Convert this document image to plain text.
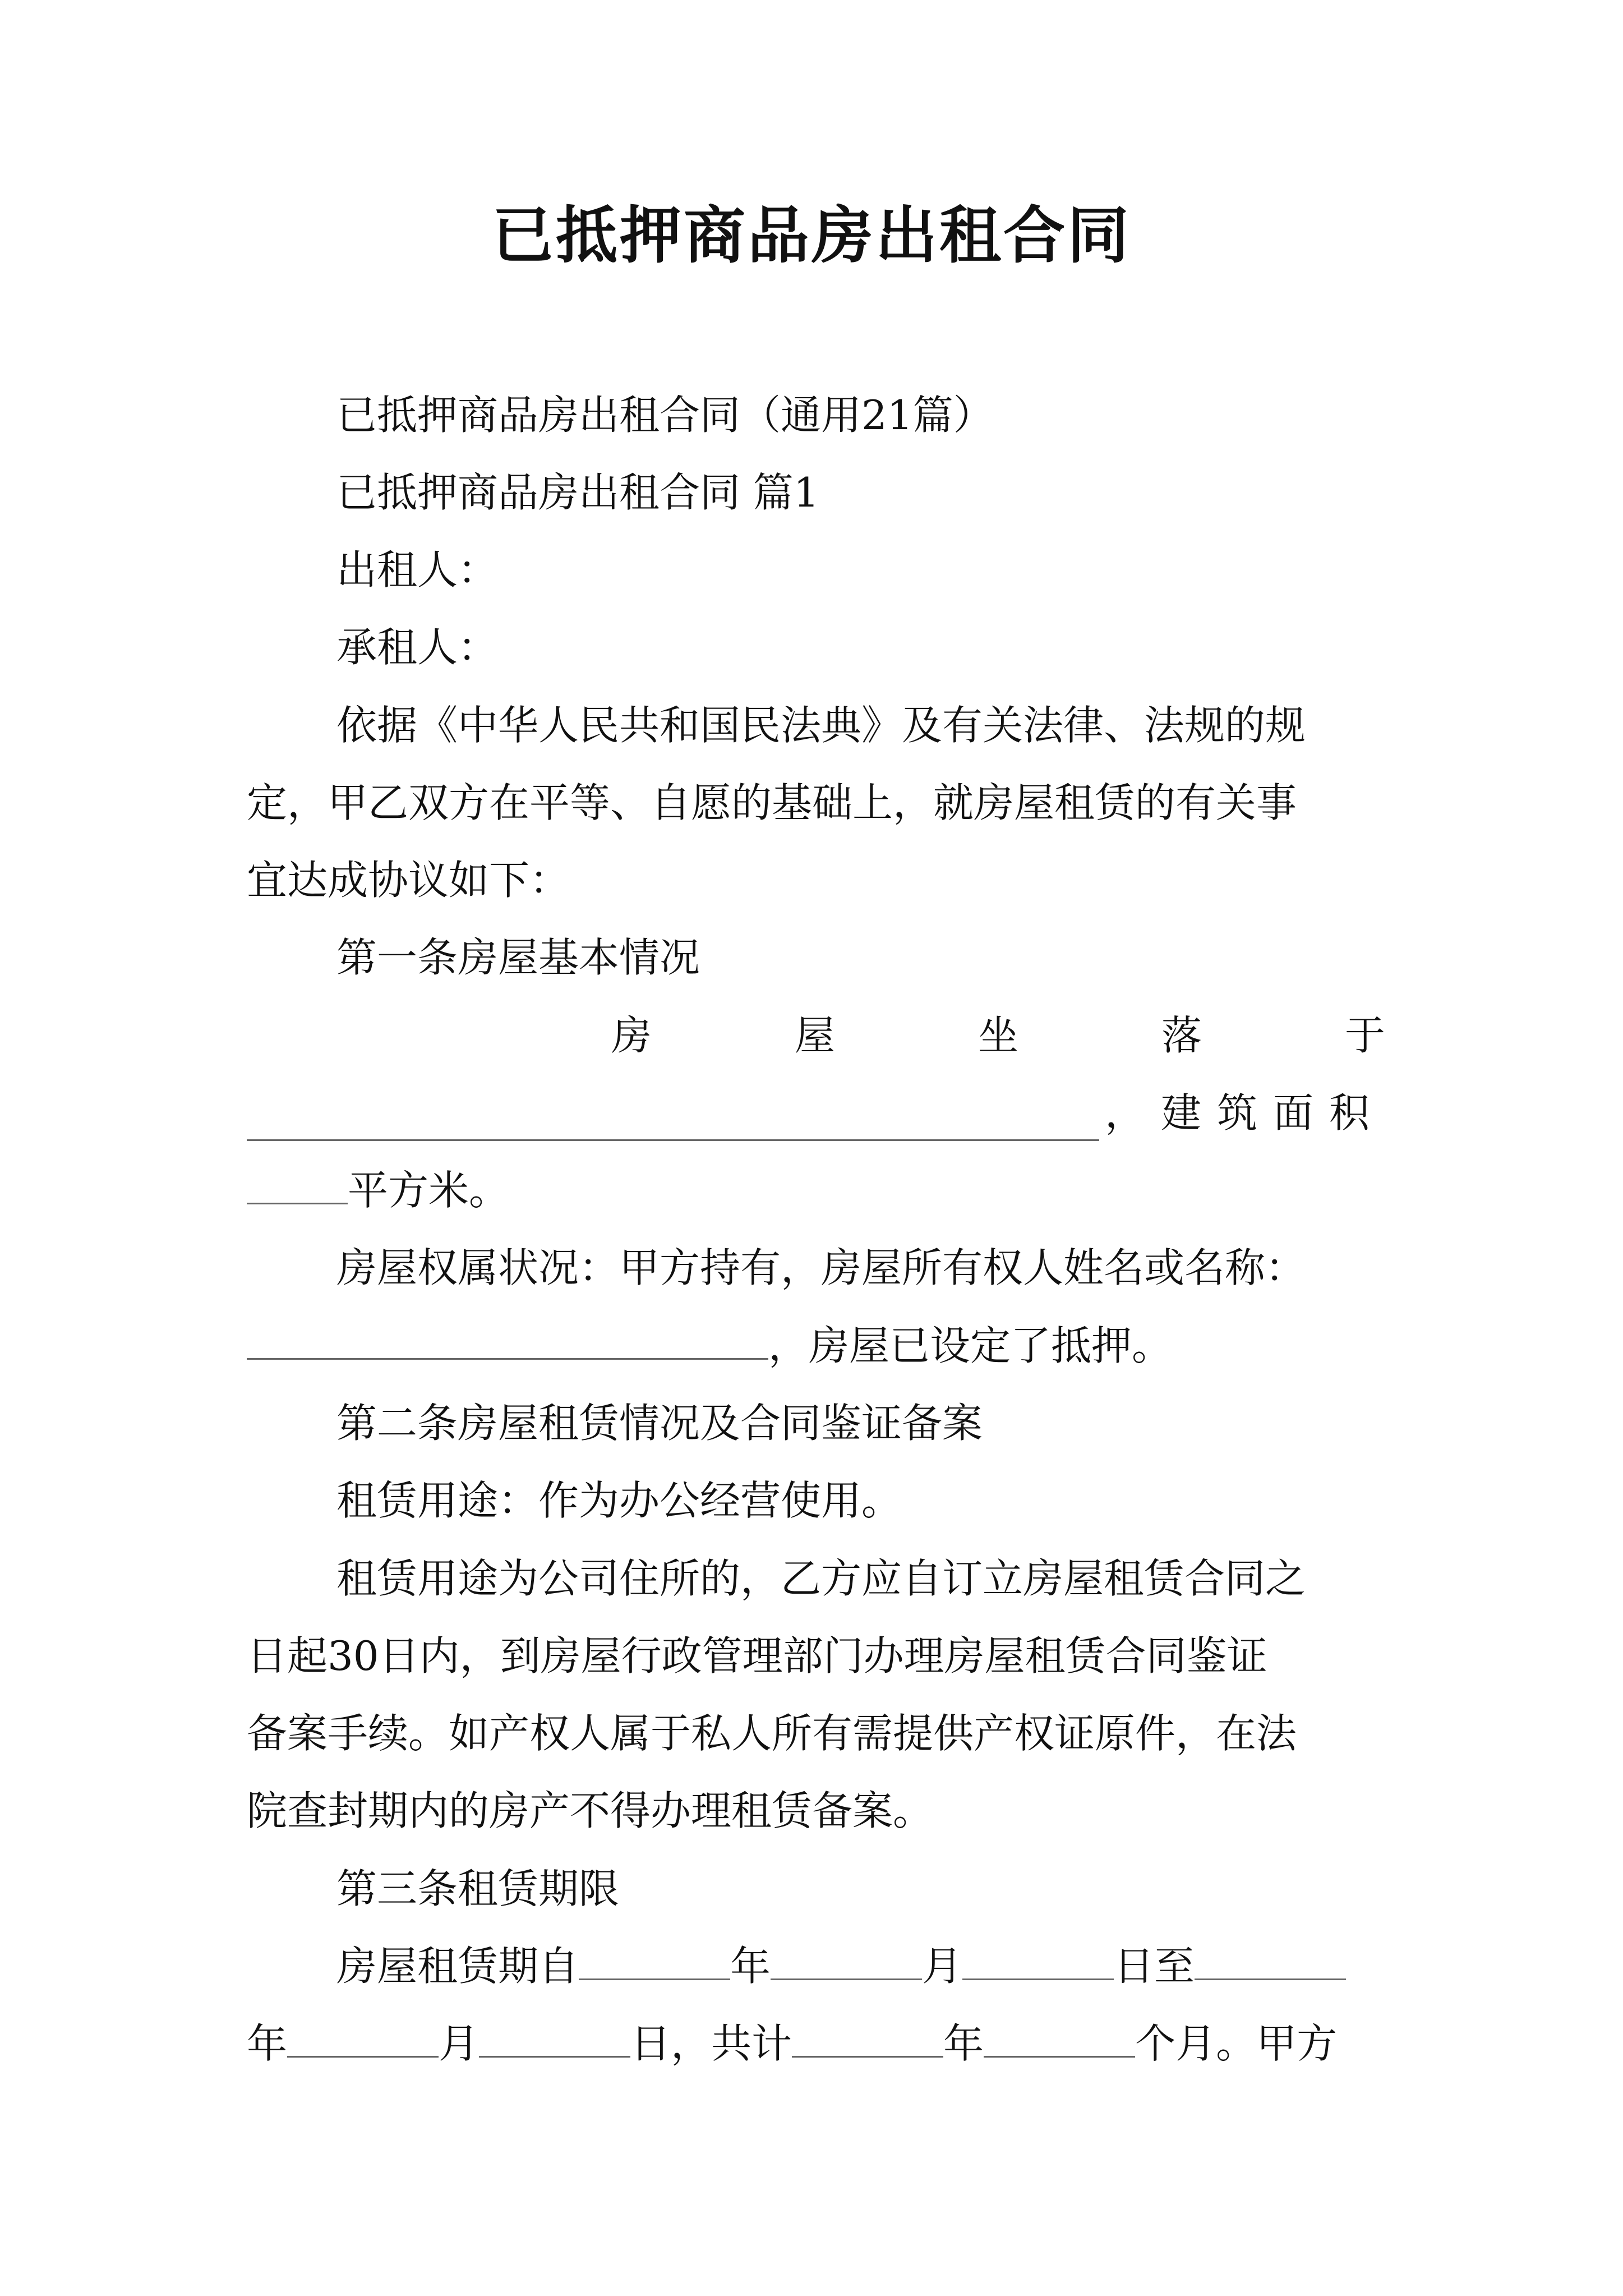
已抵押商品房出租合同
已抵押商品房出租合同（通用21篇）
已抵押商品房出租合同 篇1
出租人：
承租人：
依据《中华人民共和国民法典》及有关法律、法规的规
定，甲乙双方在平等、自愿的基础上，就房屋租赁的有关事
宜达成协议如下：
第一条房屋基本情况
房	屋	坐	落	于
，建筑面积
平方米。
房屋权属状况：甲方持有，房屋所有权人姓名或名称：
，房屋已设定了抵押。
第二条房屋租赁情况及合同鉴证备案
租赁用途：作为办公经营使用。
租赁用途为公司住所的，乙方应自订立房屋租赁合同之
日起30日内，到房屋行政管理部门办理房屋租赁合同鉴证
备案手续。如产权人属于私人所有需提供产权证原件，在法
院查封期内的房产不得办理租赁备案。
第三条租赁期限
房屋租赁期自	年	月	日至
年	月	日，共计	年	个月。甲方
